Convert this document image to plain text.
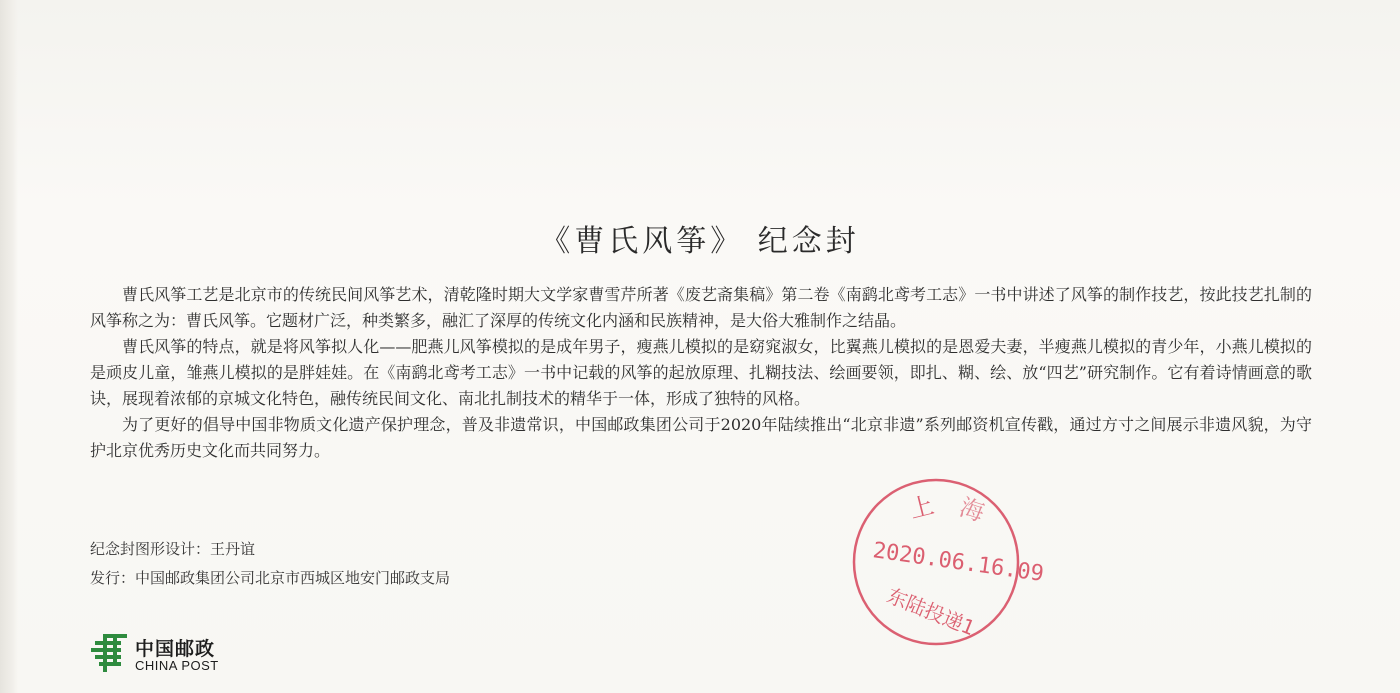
《曹氏风筝》 纪念封

曹氏风筝工艺是北京市的传统民间风筝艺术，清乾隆时期大文学家曹雪芹所著《废艺斋集稿》第二卷《南鹞北鸢考工志》一书中讲述了风筝的制作技艺，按此技艺扎制的风筝称之为：曹氏风筝。它题材广泛，种类繁多，融汇了深厚的传统文化内涵和民族精神，是大俗大雅制作之结晶。

曹氏风筝的特点，就是将风筝拟人化——肥燕儿风筝模拟的是成年男子，瘦燕儿模拟的是窈窕淑女，比翼燕儿模拟的是恩爱夫妻，半瘦燕儿模拟的青少年，小燕儿模拟的是顽皮儿童，雏燕儿模拟的是胖娃娃。在《南鹞北鸢考工志》一书中记载的风筝的起放原理、扎糊技法、绘画要领，即扎、糊、绘、放“四艺”研究制作。它有着诗情画意的歌诀，展现着浓郁的京城文化特色，融传统民间文化、南北扎制技术的精华于一体，形成了独特的风格。

为了更好的倡导中国非物质文化遗产保护理念，普及非遗常识，中国邮政集团公司于2020年陆续推出“北京非遗”系列邮资机宣传戳，通过方寸之间展示非遗风貌，为守护北京优秀历史文化而共同努力。

纪念封图形设计：王丹谊
发行：中国邮政集团公司北京市西城区地安门邮政支局
中国邮政
CHINA POST
上 海
2020.06.16.09
东陆投递1
